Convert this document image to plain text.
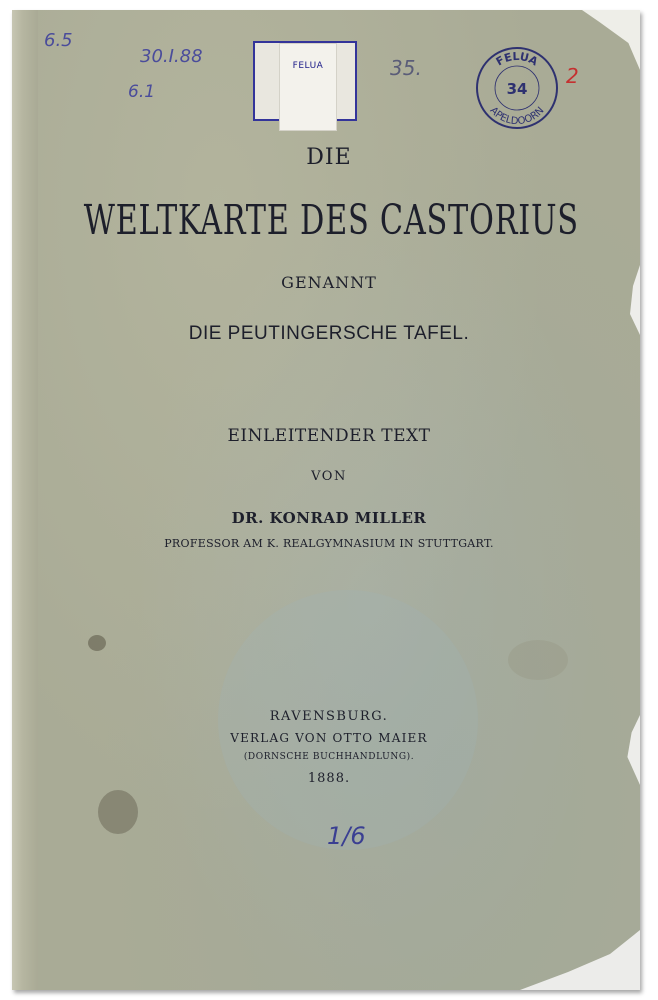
FELUA	FELUA
APELDOORN
34
6.5
30.I.88
6.1
35.	2
1/6
DIE
WELTKARTE DES CASTORIUS
GENANNT
DIE PEUTINGERSCHE TAFEL.
EINLEITENDER TEXT
VON
DR. KONRAD MILLER
PROFESSOR AM K. REALGYMNASIUM IN STUTTGART.
RAVENSBURG.
VERLAG VON OTTO MAIER
(DORNSCHE BUCHHANDLUNG).
1888.
